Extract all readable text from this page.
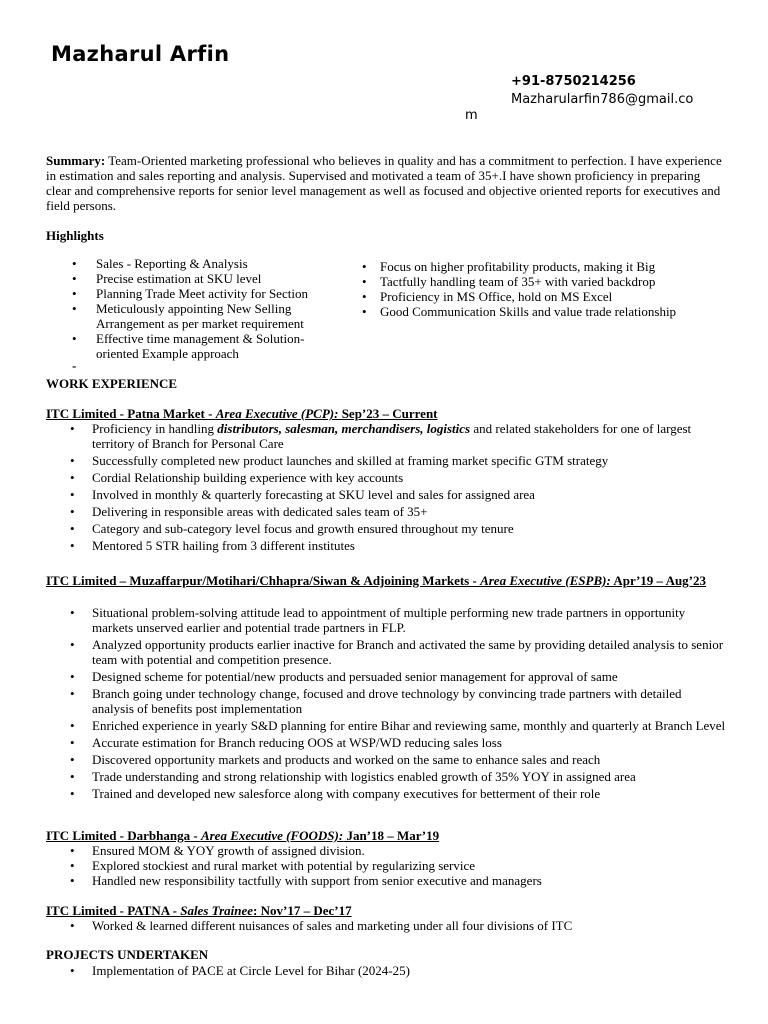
Mazharul Arfin
+91-8750214256
Mazharularfin786@gmail.co
m
Summary: Team-Oriented marketing professional who believes in quality and has a commitment to perfection. I have experience in estimation and sales reporting and analysis. Supervised and motivated a team of 35+.I have shown proficiency in preparing clear and comprehensive reports for senior level management as well as focused and objective oriented reports for executives and field persons.
Highlights
• Sales - Reporting & Analysis
• Precise estimation at SKU level
• Planning Trade Meet activity for Section
• Meticulously appointing New Selling Arrangement as per market requirement
• Effective time management & Solution-oriented Example approach
-
• Focus on higher profitability products, making it Big
• Tactfully handling team of 35+ with varied backdrop
• Proficiency in MS Office, hold on MS Excel
• Good Communication Skills and value trade relationship
WORK EXPERIENCE
ITC Limited - Patna Market - Area Executive (PCP): Sep’23 – Current
• Proficiency in handling distributors, salesman, merchandisers, logistics and related stakeholders for one of largest territory of Branch for Personal Care
• Successfully completed new product launches and skilled at framing market specific GTM strategy
• Cordial Relationship building experience with key accounts
• Involved in monthly & quarterly forecasting at SKU level and sales for assigned area
• Delivering in responsible areas with dedicated sales team of 35+
• Category and sub-category level focus and growth ensured throughout my tenure
• Mentored 5 STR hailing from 3 different institutes
ITC Limited – Muzaffarpur/Motihari/Chhapra/Siwan & Adjoining Markets - Area Executive (ESPB): Apr’19 – Aug’23
• Situational problem-solving attitude lead to appointment of multiple performing new trade partners in opportunity markets unserved earlier and potential trade partners in FLP.
• Analyzed opportunity products earlier inactive for Branch and activated the same by providing detailed analysis to senior team with potential and competition presence.
• Designed scheme for potential/new products and persuaded senior management for approval of same
• Branch going under technology change, focused and drove technology by convincing trade partners with detailed analysis of benefits post implementation
• Enriched experience in yearly S&D planning for entire Bihar and reviewing same, monthly and quarterly at Branch Level
• Accurate estimation for Branch reducing OOS at WSP/WD reducing sales loss
• Discovered opportunity markets and products and worked on the same to enhance sales and reach
• Trade understanding and strong relationship with logistics enabled growth of 35% YOY in assigned area
• Trained and developed new salesforce along with company executives for betterment of their role
ITC Limited - Darbhanga - Area Executive (FOODS): Jan’18 – Mar’19
• Ensured MOM & YOY growth of assigned division.
• Explored stockiest and rural market with potential by regularizing service
• Handled new responsibility tactfully with support from senior executive and managers
ITC Limited - PATNA - Sales Trainee: Nov’17 – Dec’17
• Worked & learned different nuisances of sales and marketing under all four divisions of ITC
PROJECTS UNDERTAKEN
• Implementation of PACE at Circle Level for Bihar (2024-25)
